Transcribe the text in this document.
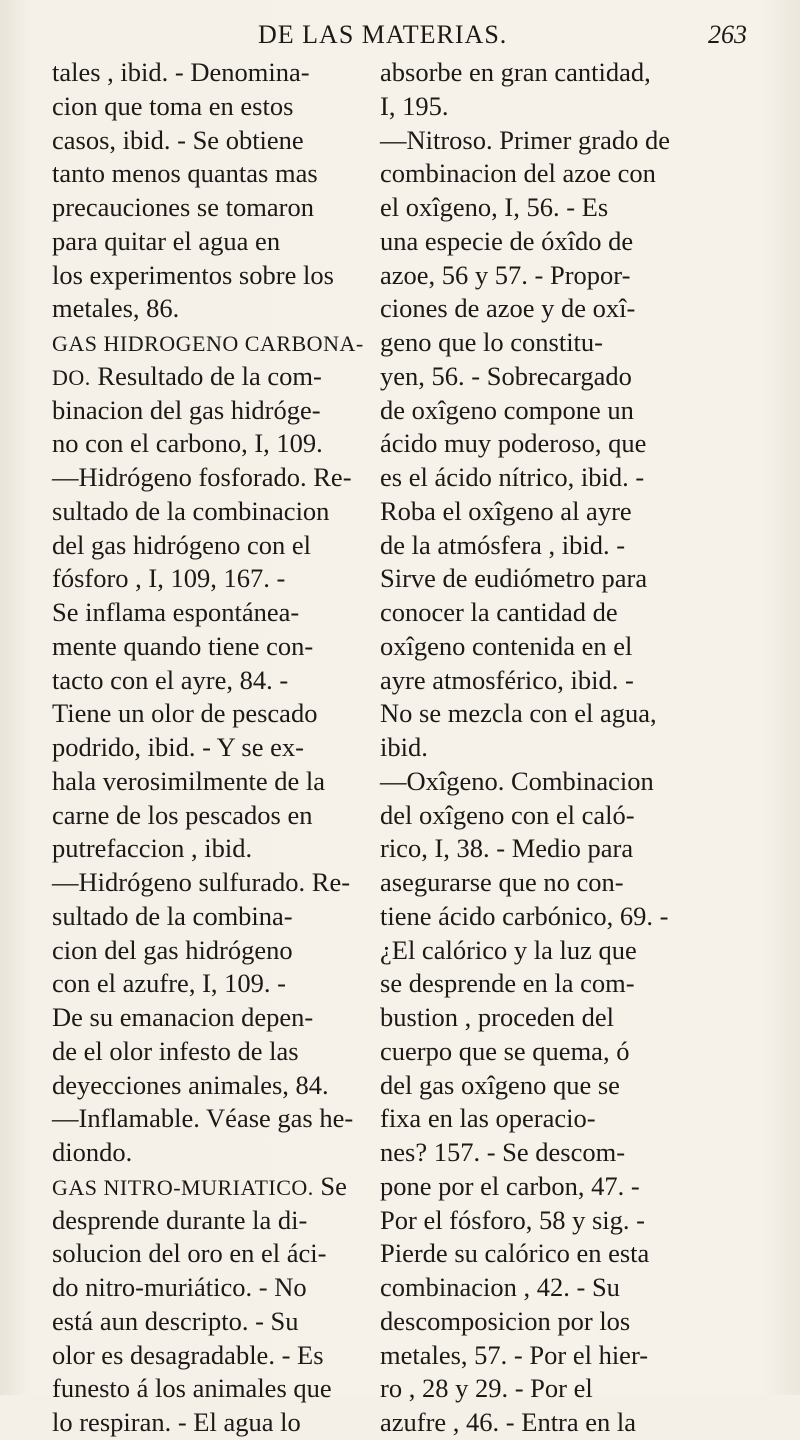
DE LAS MATERIAS.	263
tales , ibid. - Denomina-
cion que toma en estos
casos, ibid. - Se obtiene
tanto menos quantas mas
precauciones se tomaron
para quitar el agua en
los experimentos sobre los
metales, 86.
GAS HIDROGENO CARBONA-
DO. Resultado de la com-
binacion del gas hidróge-
no con el carbono, I, 109.
—Hidrógeno fosforado. Re-
sultado de la combinacion
del gas hidrógeno con el
fósforo , I, 109, 167. -
Se inflama espontánea-
mente quando tiene con-
tacto con el ayre, 84. -
Tiene un olor de pescado
podrido, ibid. - Y se ex-
hala verosimilmente de la
carne de los pescados en
putrefaccion , ibid.
—Hidrógeno sulfurado. Re-
sultado de la combina-
cion del gas hidrógeno
con el azufre, I, 109. -
De su emanacion depen-
de el olor infesto de las
deyecciones animales, 84.
—Inflamable. Véase gas he-
diondo.
GAS NITRO-MURIATICO. Se
desprende durante la di-
solucion del oro en el áci-
do nitro-muriático. - No
está aun descripto. - Su
olor es desagradable. - Es
funesto á los animales que
lo respiran. - El agua lo
absorbe en gran cantidad,
I, 195.
—Nitroso. Primer grado de
combinacion del azoe con
el oxîgeno, I, 56. - Es
una especie de óxîdo de
azoe, 56 y 57. - Propor-
ciones de azoe y de oxî-
geno que lo constitu-
yen, 56. - Sobrecargado
de oxîgeno compone un
ácido muy poderoso, que
es el ácido nítrico, ibid. -
Roba el oxîgeno al ayre
de la atmósfera , ibid. -
Sirve de eudiómetro para
conocer la cantidad de
oxîgeno contenida en el
ayre atmosférico, ibid. -
No se mezcla con el agua,
ibid.
—Oxîgeno. Combinacion
del oxîgeno con el caló-
rico, I, 38. - Medio para
asegurarse que no con-
tiene ácido carbónico, 69. -
¿El calórico y la luz que
se desprende en la com-
bustion , proceden del
cuerpo que se quema, ó
del gas oxîgeno que se
fixa en las operacio-
nes? 157. - Se descom-
pone por el carbon, 47. -
Por el fósforo, 58 y sig. -
Pierde su calórico en esta
combinacion , 42. - Su
descomposicion por los
metales, 57. - Por el hier-
ro , 28 y 29. - Por el
azufre , 46. - Entra en la
